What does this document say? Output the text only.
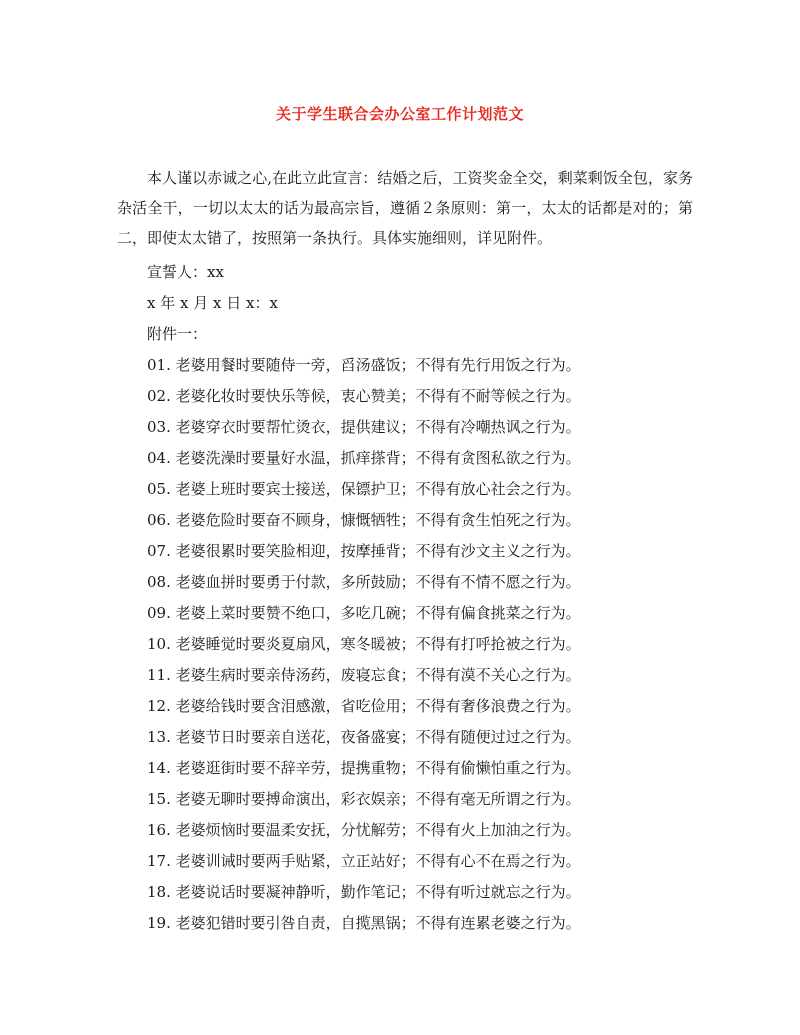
关于学生联合会办公室工作计划范文

本人谨以赤诚之心,在此立此宣言：结婚之后，工资奖金全交，剩菜剩饭全包，家务杂活全干，一切以太太的话为最高宗旨，遵循２条原则：第一，太太的话都是对的；第二，即使太太错了，按照第一条执行。具体实施细则，详见附件。

宣誓人：xx
x 年 x 月 x 日 x：x
附件一：
01. 老婆用餐时要随侍一旁，舀汤盛饭；不得有先行用饭之行为。
02. 老婆化妆时要快乐等候，衷心赞美；不得有不耐等候之行为。
03. 老婆穿衣时要帮忙烫衣，提供建议；不得有冷嘲热讽之行为。
04. 老婆洗澡时要量好水温，抓痒搽背；不得有贪图私欲之行为。
05. 老婆上班时要宾士接送，保镖护卫；不得有放心社会之行为。
06. 老婆危险时要奋不顾身，慷慨牺牲；不得有贪生怕死之行为。
07. 老婆很累时要笑脸相迎，按摩捶背；不得有沙文主义之行为。
08. 老婆血拼时要勇于付款，多所鼓励；不得有不情不愿之行为。
09. 老婆上菜时要赞不绝口，多吃几碗；不得有偏食挑菜之行为。
10. 老婆睡觉时要炎夏扇风，寒冬暖被；不得有打呼抢被之行为。
11. 老婆生病时要亲侍汤药，废寝忘食；不得有漠不关心之行为。
12. 老婆给钱时要含泪感激，省吃俭用；不得有奢侈浪费之行为。
13. 老婆节日时要亲自送花，夜备盛宴；不得有随便过过之行为。
14. 老婆逛街时要不辞辛劳，提携重物；不得有偷懒怕重之行为。
15. 老婆无聊时要搏命演出，彩衣娱亲；不得有毫无所谓之行为。
16. 老婆烦恼时要温柔安抚，分忧解劳；不得有火上加油之行为。
17. 老婆训诫时要两手贴紧，立正站好；不得有心不在焉之行为。
18. 老婆说话时要凝神静听，勤作笔记；不得有听过就忘之行为。
19. 老婆犯错时要引咎自责，自揽黑锅；不得有连累老婆之行为。
